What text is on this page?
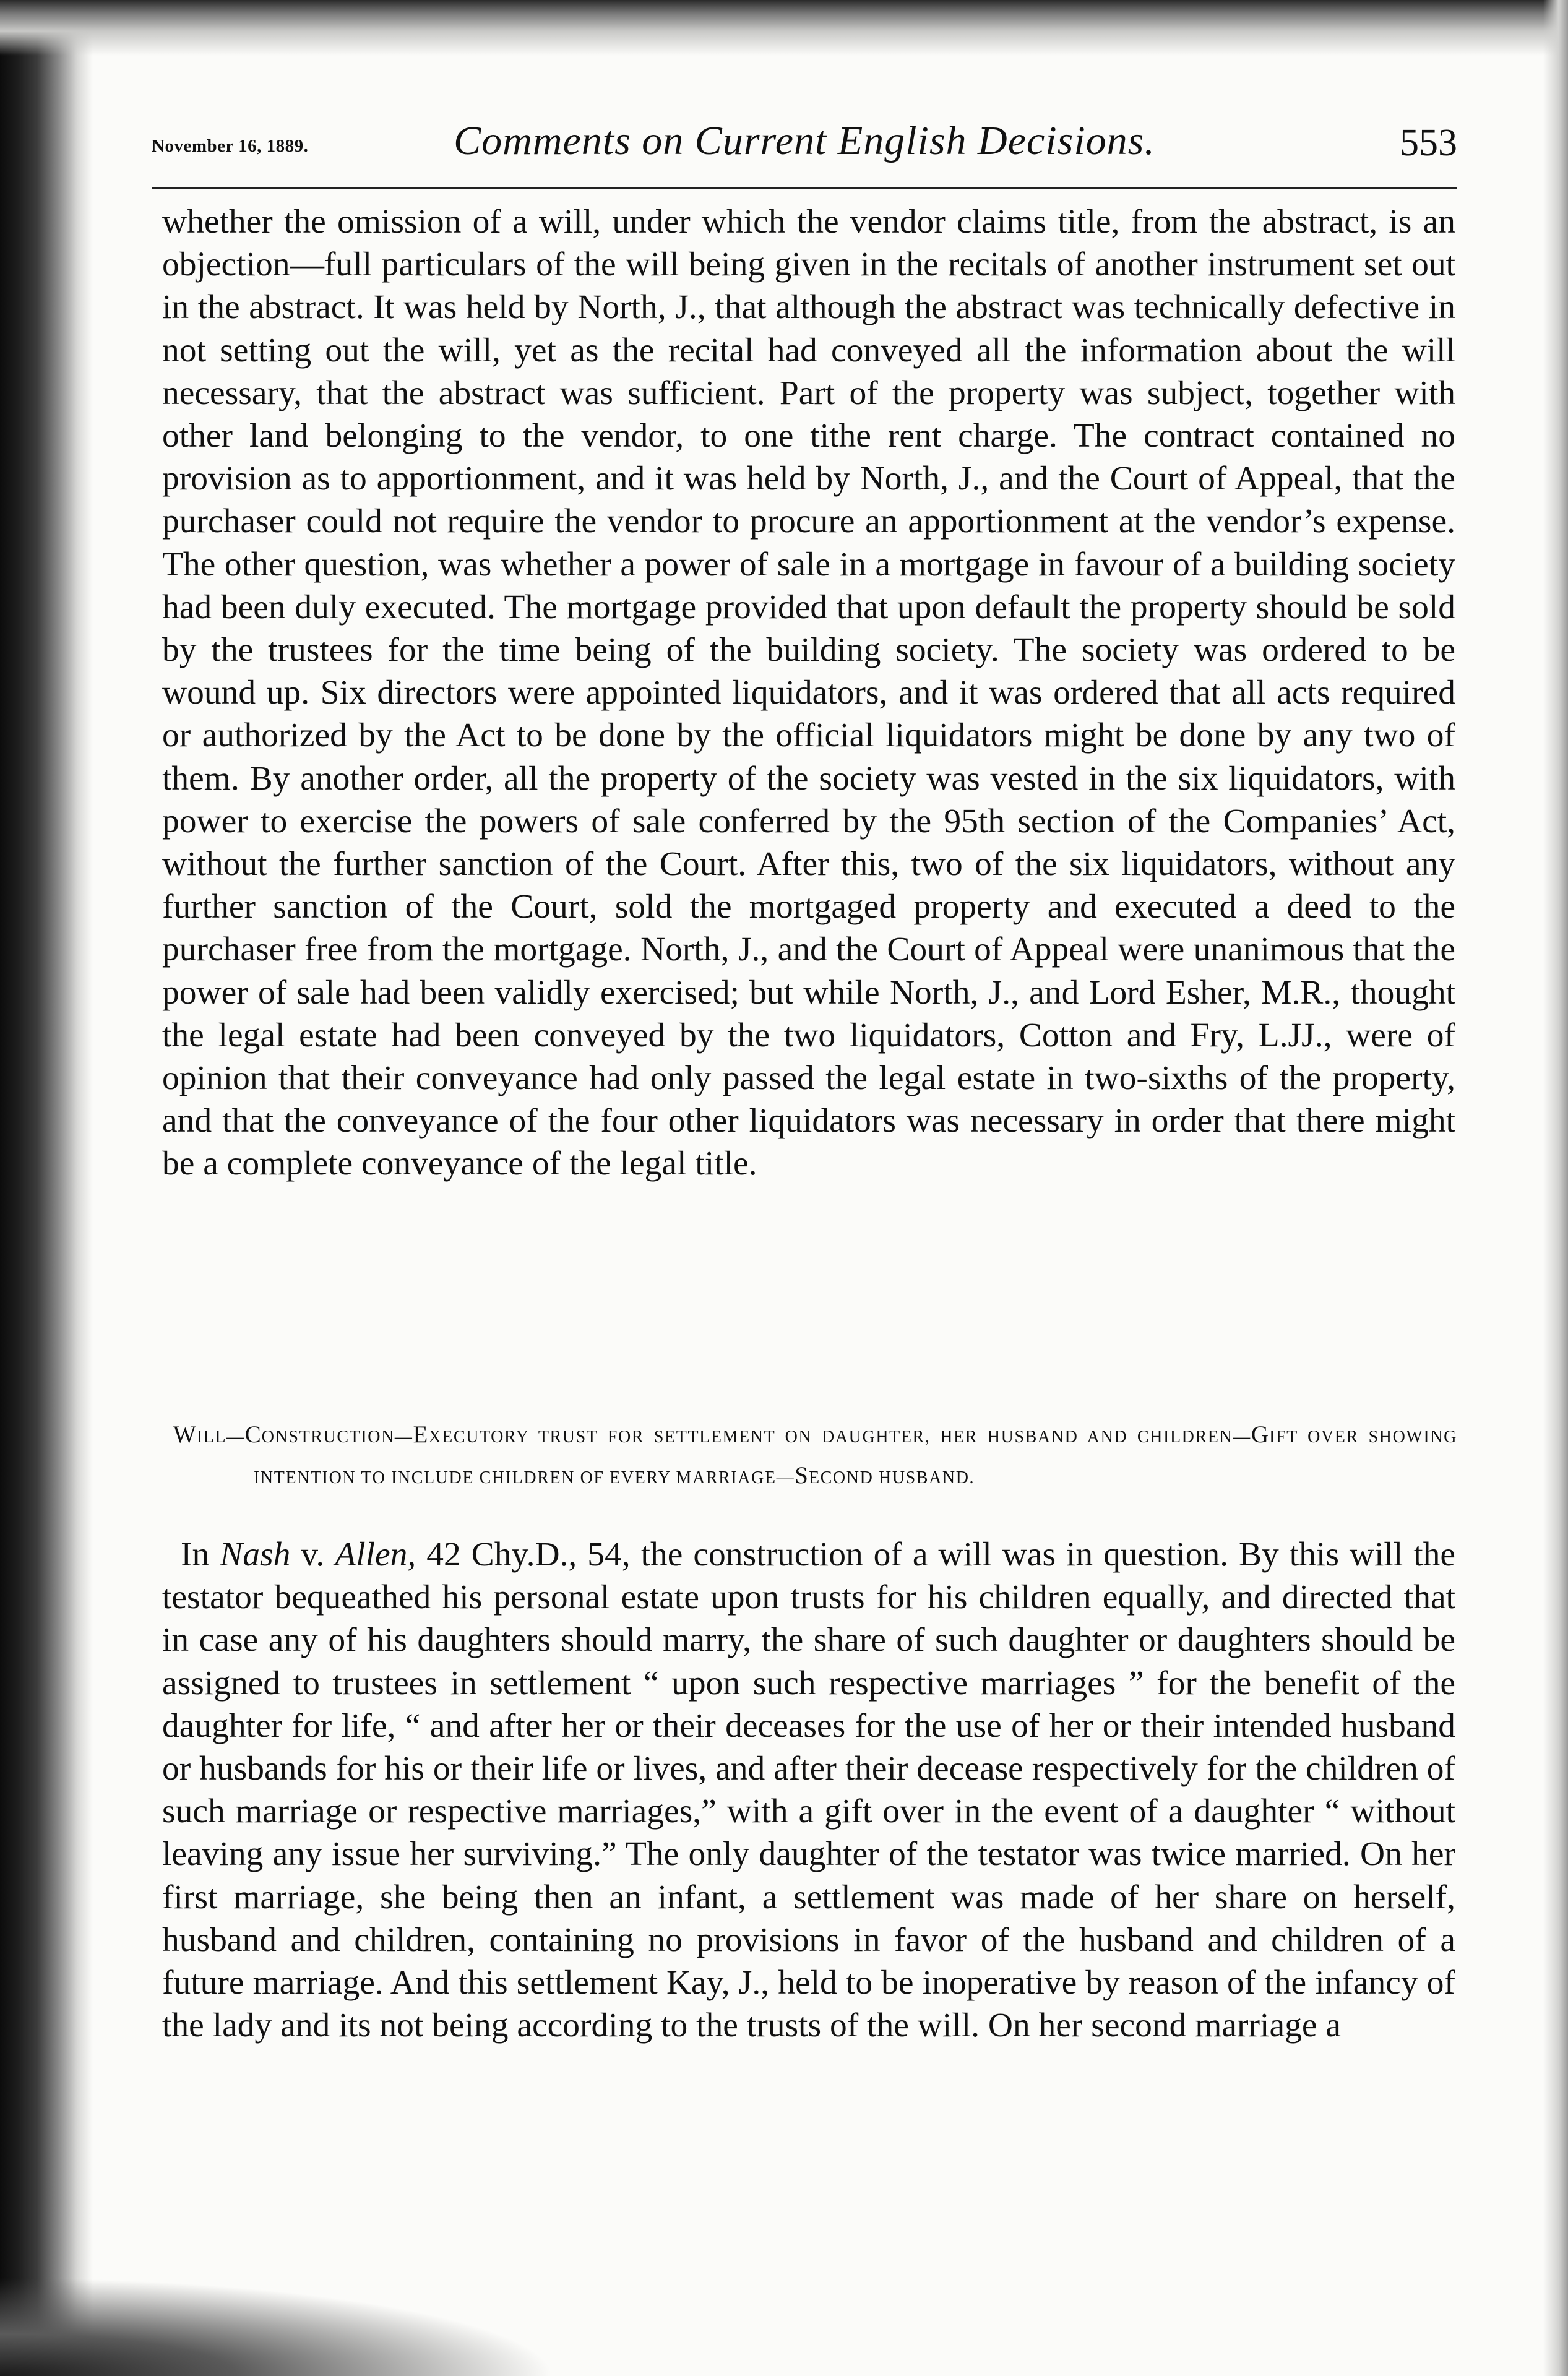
November 16, 1889.	Comments on Current English Decisions.	553

whether the omission of a will, under which the vendor claims title, from the abstract, is an objection—full particulars of the will being given in the recitals of another instrument set out in the abstract. It was held by North, J., that although the abstract was technically defective in not setting out the will, yet as the recital had conveyed all the information about the will necessary, that the abstract was sufficient. Part of the property was subject, together with other land belonging to the vendor, to one tithe rent charge. The contract contained no provision as to apportionment, and it was held by North, J., and the Court of Appeal, that the purchaser could not require the vendor to procure an apportionment at the vendor’s expense. The other question, was whether a power of sale in a mortgage in favour of a building society had been duly executed. The mortgage provided that upon default the property should be sold by the trustees for the time being of the building society. The society was ordered to be wound up. Six directors were appointed liquidators, and it was ordered that all acts required or authorized by the Act to be done by the official liquidators might be done by any two of them. By another order, all the property of the society was vested in the six liquidators, with power to exercise the powers of sale conferred by the 95th section of the Companies’ Act, without the further sanction of the Court. After this, two of the six liquidators, without any further sanction of the Court, sold the mortgaged property and executed a deed to the purchaser free from the mortgage. North, J., and the Court of Appeal were unanimous that the power of sale had been validly exercised; but while North, J., and Lord Esher, M.R., thought the legal estate had been conveyed by the two liquidators, Cotton and Fry, L.JJ., were of opinion that their conveyance had only passed the legal estate in two-sixths of the property, and that the conveyance of the four other liquidators was necessary in order that there might be a complete conveyance of the legal title.

WILL—CONSTRUCTION—EXECUTORY TRUST FOR SETTLEMENT ON DAUGHTER, HER HUSBAND AND CHILDREN—GIFT OVER SHOWING INTENTION TO INCLUDE CHILDREN OF EVERY MARRIAGE—SECOND HUSBAND.

In Nash v. Allen, 42 Chy.D., 54, the construction of a will was in question. By this will the testator bequeathed his personal estate upon trusts for his children equally, and directed that in case any of his daughters should marry, the share of such daughter or daughters should be assigned to trustees in settlement “ upon such respective marriages ” for the benefit of the daughter for life, “ and after her or their deceases for the use of her or their intended husband or husbands for his or their life or lives, and after their decease respectively for the children of such marriage or respective marriages,” with a gift over in the event of a daughter “ without leaving any issue her surviving.” The only daughter of the testator was twice married. On her first marriage, she being then an infant, a settlement was made of her share on herself, husband and children, containing no provisions in favor of the husband and children of a future marriage. And this settlement Kay, J., held to be inoperative by reason of the infancy of the lady and its not being according to the trusts of the will. On her second marriage a
